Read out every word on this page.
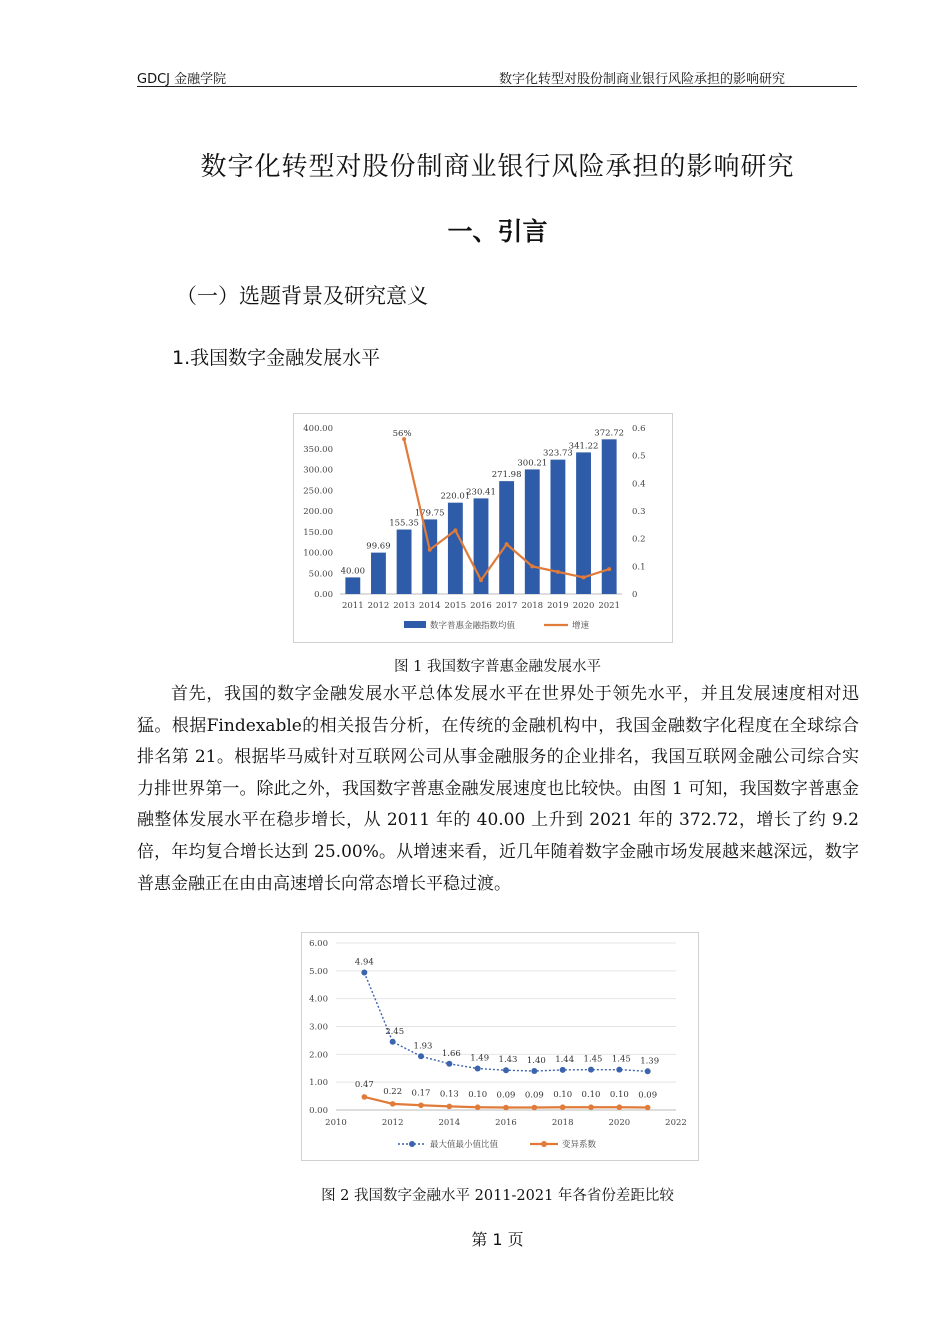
GDCJ 金融学院	数字化转型对股份制商业银行风险承担的影响研究
数字化转型对股份制商业银行风险承担的影响研究
一、引言
（一）选题背景及研究意义
1.我国数字金融发展水平
0.00
50.00
100.00
150.00
200.00
250.00
300.00
350.00
400.00
0
0.1
0.2
0.3
0.4
0.5
0.6
2011 2012 2013 2014 2015 2016 2017 2018 2019 2020 2021
40.00
99.69
155.35
179.75
220.01
230.41
271.98
300.21
323.73
341.22
372.72
56%
数字普惠金融指数均值	增速
图 1 我国数字普惠金融发展水平
首先，我国的数字金融发展水平总体发展水平在世界处于领先水平，并且发展速度相对迅猛。根据Findexable的相关报告分析，在传统的金融机构中，我国金融数字化程度在全球综合排名第 21。根据毕马威针对互联网公司从事金融服务的企业排名，我国互联网金融公司综合实力排世界第一。除此之外，我国数字普惠金融发展速度也比较快。由图 1 可知，我国数字普惠金融整体发展水平在稳步增长，从 2011 年的 40.00 上升到 2021 年的 372.72，增长了约 9.2 倍，年均复合增长达到 25.00%。从增速来看，近几年随着数字金融市场发展越来越深远，数字普惠金融正在由由高速增长向常态增长平稳过渡。
0.00
1.00
2.00
3.00
4.00
5.00
6.00
2010	2012	2014	2016	2018	2020	2022
4.94
2.45
1.93
1.66 1.49 1.43 1.40 1.44 1.45 1.45 1.39
0.47
0.22 0.17 0.13 0.10 0.09 0.09 0.10 0.10 0.10 0.09
最大值最小值比值	变异系数
图 2 我国数字金融水平 2011-2021 年各省份差距比较
第 1 页
